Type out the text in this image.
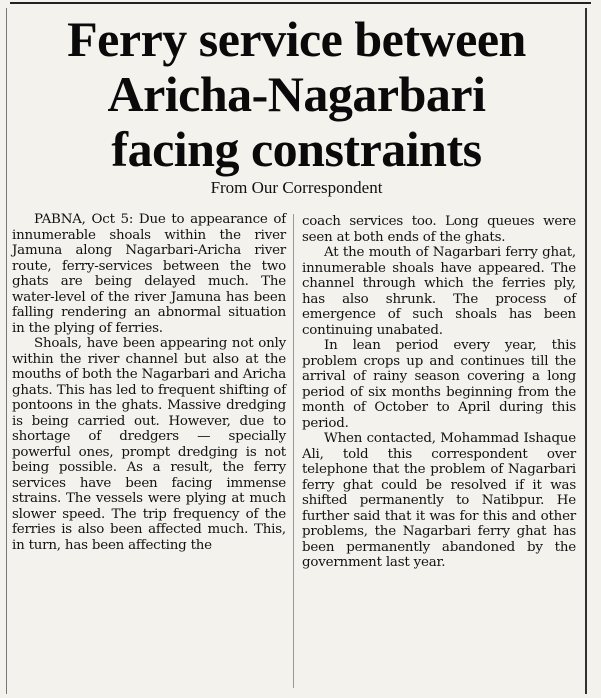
Ferry service between
Aricha-Nagarbari
facing constraints
From Our Correspondent

PABNA, Oct 5: Due to appearance of innumerable shoals within the river Jamuna along Nagarbari-Aricha river route, ferry-services between the two ghats are being delayed much. The water-level of the river Jamuna has been falling rendering an abnormal situation in the plying of ferries.

Shoals, have been appearing not only within the river channel but also at the mouths of both the Nagarbari and Aricha ghats. This has led to frequent shifting of pontoons in the ghats. Massive dredging is being carried out. However, due to shortage of dredgers — specially powerful ones, prompt dredging is not being possible. As a result, the ferry services have been facing immense strains. The vessels were plying at much slower speed. The trip frequency of the ferries is also been affected much. This, in turn, has been affecting the

coach services too. Long queues were seen at both ends of the ghats.

At the mouth of Nagarbari ferry ghat, innumerable shoals have appeared. The channel through which the ferries ply, has also shrunk. The process of emergence of such shoals has been continuing unabated.

In lean period every year, this problem crops up and continues till the arrival of rainy season covering a long period of six months beginning from the month of October to April during this period.

When contacted, Mohammad Ishaque Ali, told this correspondent over telephone that the problem of Nagarbari ferry ghat could be resolved if it was shifted permanently to Natibpur. He further said that it was for this and other problems, the Nagarbari ferry ghat has been permanently abandoned by the government last year.
